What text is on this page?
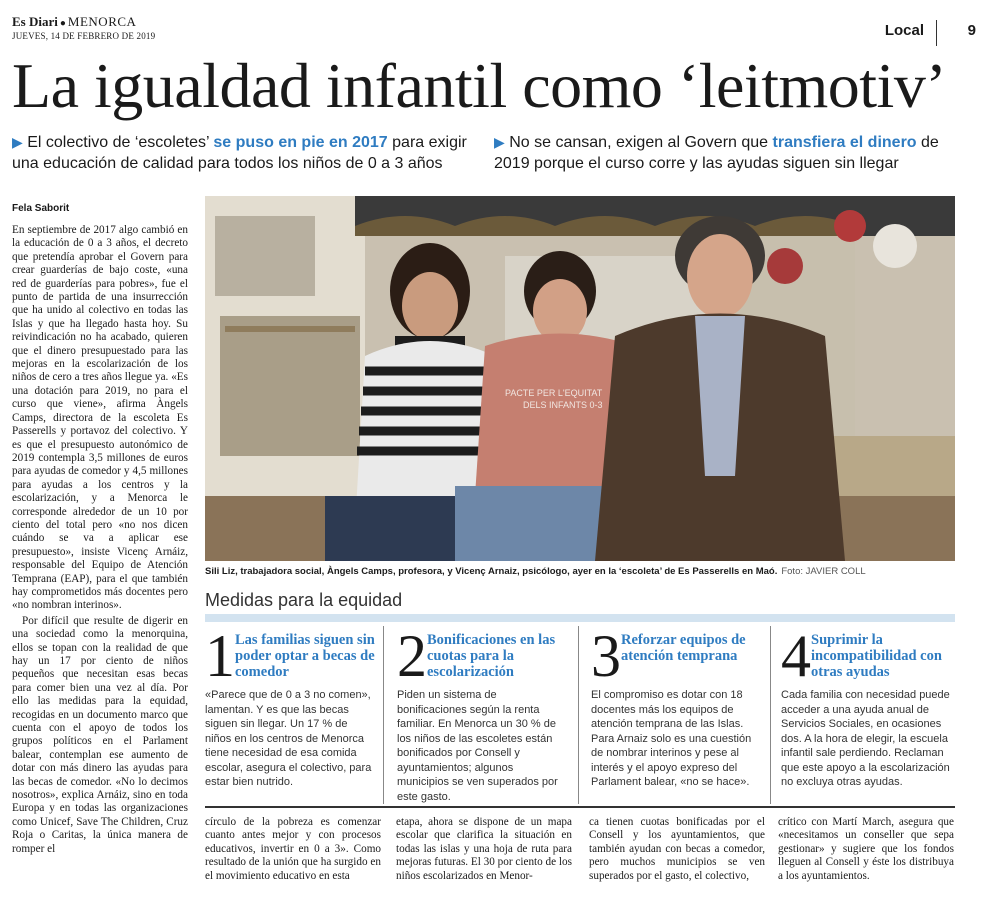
Es Diari ● MENORCA
JUEVES, 14 DE FEBRERO DE 2019	Local	9
La igualdad infantil como ‘leitmotiv’
▶ El colectivo de ‘escoletes’ se puso en pie en 2017 para exigir una educación de calidad para todos los niños de 0 a 3 años
▶ No se cansan, exigen al Govern que transfiera el dinero de 2019 porque el curso corre y las ayudas siguen sin llegar
Fela Saborit

En septiembre de 2017 algo cambió en la educación de 0 a 3 años, el decreto que pretendía aprobar el Govern para crear guarderías de bajo coste, «una red de guarderías para pobres», fue el punto de partida de una insurrección que ha unido al colectivo en todas las Islas y que ha llegado hasta hoy. Su reivindicación no ha acabado, quieren que el dinero presupuestado para las mejoras en la escolarización de los niños de cero a tres años llegue ya. «Es una dotación para 2019, no para el curso que viene», afirma Àngels Camps, directora de la escoleta Es Passerells y portavoz del colectivo. Y es que el presupuesto autonómico de 2019 contempla 3,5 millones de euros para ayudas de comedor y 4,5 millones para ayudas a los centros y la escolarización, y a Menorca le corresponde alrededor de un 10 por ciento del total pero «no nos dicen cuándo se va a aplicar ese presupuesto», insiste Vicenç Arnáiz, responsable del Equipo de Atención Temprana (EAP), para el que también hay comprometidos más docentes pero «no nombran interinos».

Por difícil que resulte de digerir en una sociedad como la menorquina, ellos se topan con la realidad de que hay un 17 por ciento de niños pequeños que necesitan esas becas para comer bien una vez al día. Por ello las medidas para la equidad, recogidas en un documento marco que cuenta con el apoyo de todos los grupos políticos en el Parlament balear, contemplan ese aumento de dotar con más dinero las ayudas para las becas de comedor. «No lo decimos nosotros», explica Arnáiz, sino en toda Europa y en todas las organizaciones como Unicef, Save The Children, Cruz Roja o Caritas, la única manera de romper el

PACTE PER L'EQUITAT
DELS INFANTS 0-3
Sili Liz, trabajadora social, Àngels Camps, profesora, y Vicenç Arnaiz, psicólogo, ayer en la ‘escoleta’ de Es Passerells en Maó. Foto: JAVIER COLL
Medidas para la equidad
1 Las familias siguen sin poder optar a becas de comedor
«Parece que de 0 a 3 no comen», lamentan. Y es que las becas siguen sin llegar. Un 17 % de niños en los centros de Menorca tiene necesidad de esa comida escolar, asegura el colectivo, para estar bien nutrido.
2 Bonificaciones en las cuotas para la escolarización
Piden un sistema de bonificaciones según la renta familiar. En Menorca un 30 % de los niños de las escoletes están bonificados por Consell y ayuntamientos; algunos municipios se ven superados por este gasto.
3 Reforzar equipos de atención temprana
El compromiso es dotar con 18 docentes más los equipos de atención temprana de las Islas. Para Arnaiz solo es una cuestión de nombrar interinos y pese al interés y el apoyo expreso del Parlament balear, «no se hace».
4 Suprimir la incompatibilidad con otras ayudas
Cada familia con necesidad puede acceder a una ayuda anual de Servicios Sociales, en ocasiones dos. A la hora de elegir, la escuela infantil sale perdiendo. Reclaman que este apoyo a la escolarización no excluya otras ayudas.
círculo de la pobreza es comenzar cuanto antes mejor y con procesos educativos, invertir en 0 a 3». Como resultado de la unión que ha surgido en el movimiento educativo en esta
etapa, ahora se dispone de un mapa escolar que clarifica la situación en todas las islas y una hoja de ruta para mejoras futuras. El 30 por ciento de los niños escolarizados en Menor-
ca tienen cuotas bonificadas por el Consell y los ayuntamientos, que también ayudan con becas a comedor, pero muchos municipios se ven superados por el gasto, el colectivo,
crítico con Martí March, asegura que «necesitamos un conseller que sepa gestionar» y sugiere que los fondos lleguen al Consell y éste los distribuya a los ayuntamientos.
